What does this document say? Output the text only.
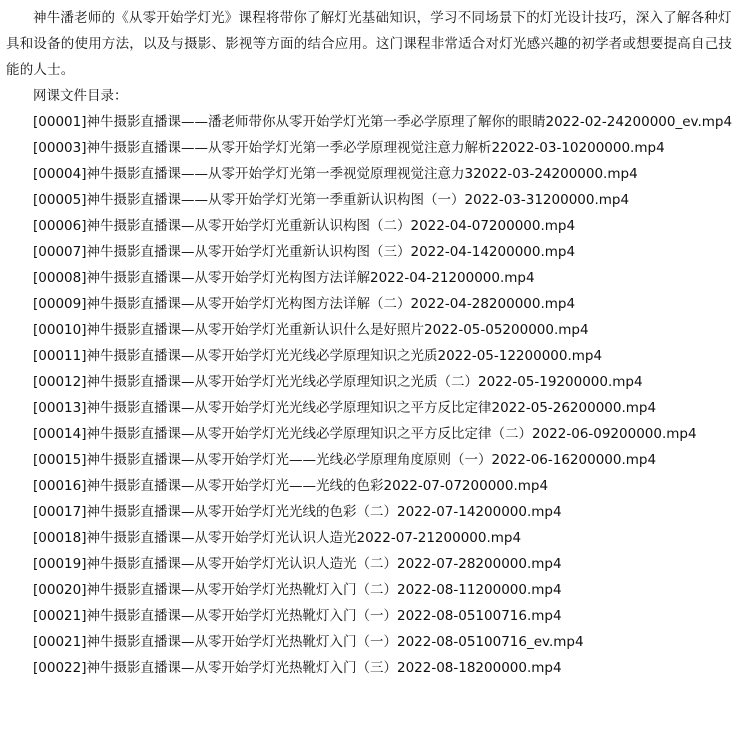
神牛潘老师的《从零开始学灯光》课程将带你了解灯光基础知识，学习不同场景下的灯光设计技巧，深入了解各种灯具和设备的使用方法，以及与摄影、影视等方面的结合应用。这门课程非常适合对灯光感兴趣的初学者或想要提高自己技能的人士。

网课文件目录：

[00001]神牛摄影直播课——潘老师带你从零开始学灯光第一季必学原理了解你的眼睛2022-02-24200000_ev.mp4
[00003]神牛摄影直播课——从零开始学灯光第一季必学原理视觉注意力解析22022-03-10200000.mp4
[00004]神牛摄影直播课——从零开始学灯光第一季视觉原理视觉注意力32022-03-24200000.mp4
[00005]神牛摄影直播课——从零开始学灯光第一季重新认识构图（一）2022-03-31200000.mp4
[00006]神牛摄影直播课—从零开始学灯光重新认识构图（二）2022-04-07200000.mp4
[00007]神牛摄影直播课—从零开始学灯光重新认识构图（三）2022-04-14200000.mp4
[00008]神牛摄影直播课—从零开始学灯光构图方法详解2022-04-21200000.mp4
[00009]神牛摄影直播课—从零开始学灯光构图方法详解（二）2022-04-28200000.mp4
[00010]神牛摄影直播课—从零开始学灯光重新认识什么是好照片2022-05-05200000.mp4
[00011]神牛摄影直播课—从零开始学灯光光线必学原理知识之光质2022-05-12200000.mp4
[00012]神牛摄影直播课—从零开始学灯光光线必学原理知识之光质（二）2022-05-19200000.mp4
[00013]神牛摄影直播课—从零开始学灯光光线必学原理知识之平方反比定律2022-05-26200000.mp4
[00014]神牛摄影直播课—从零开始学灯光光线必学原理知识之平方反比定律（二）2022-06-09200000.mp4
[00015]神牛摄影直播课—从零开始学灯光——光线必学原理角度原则（一）2022-06-16200000.mp4
[00016]神牛摄影直播课—从零开始学灯光——光线的色彩2022-07-07200000.mp4
[00017]神牛摄影直播课—从零开始学灯光光线的色彩（二）2022-07-14200000.mp4
[00018]神牛摄影直播课—从零开始学灯光认识人造光2022-07-21200000.mp4
[00019]神牛摄影直播课—从零开始学灯光认识人造光（二）2022-07-28200000.mp4
[00020]神牛摄影直播课—从零开始学灯光热靴灯入门（二）2022-08-11200000.mp4
[00021]神牛摄影直播课—从零开始学灯光热靴灯入门（一）2022-08-05100716.mp4
[00021]神牛摄影直播课—从零开始学灯光热靴灯入门（一）2022-08-05100716_ev.mp4
[00022]神牛摄影直播课—从零开始学灯光热靴灯入门（三）2022-08-18200000.mp4
